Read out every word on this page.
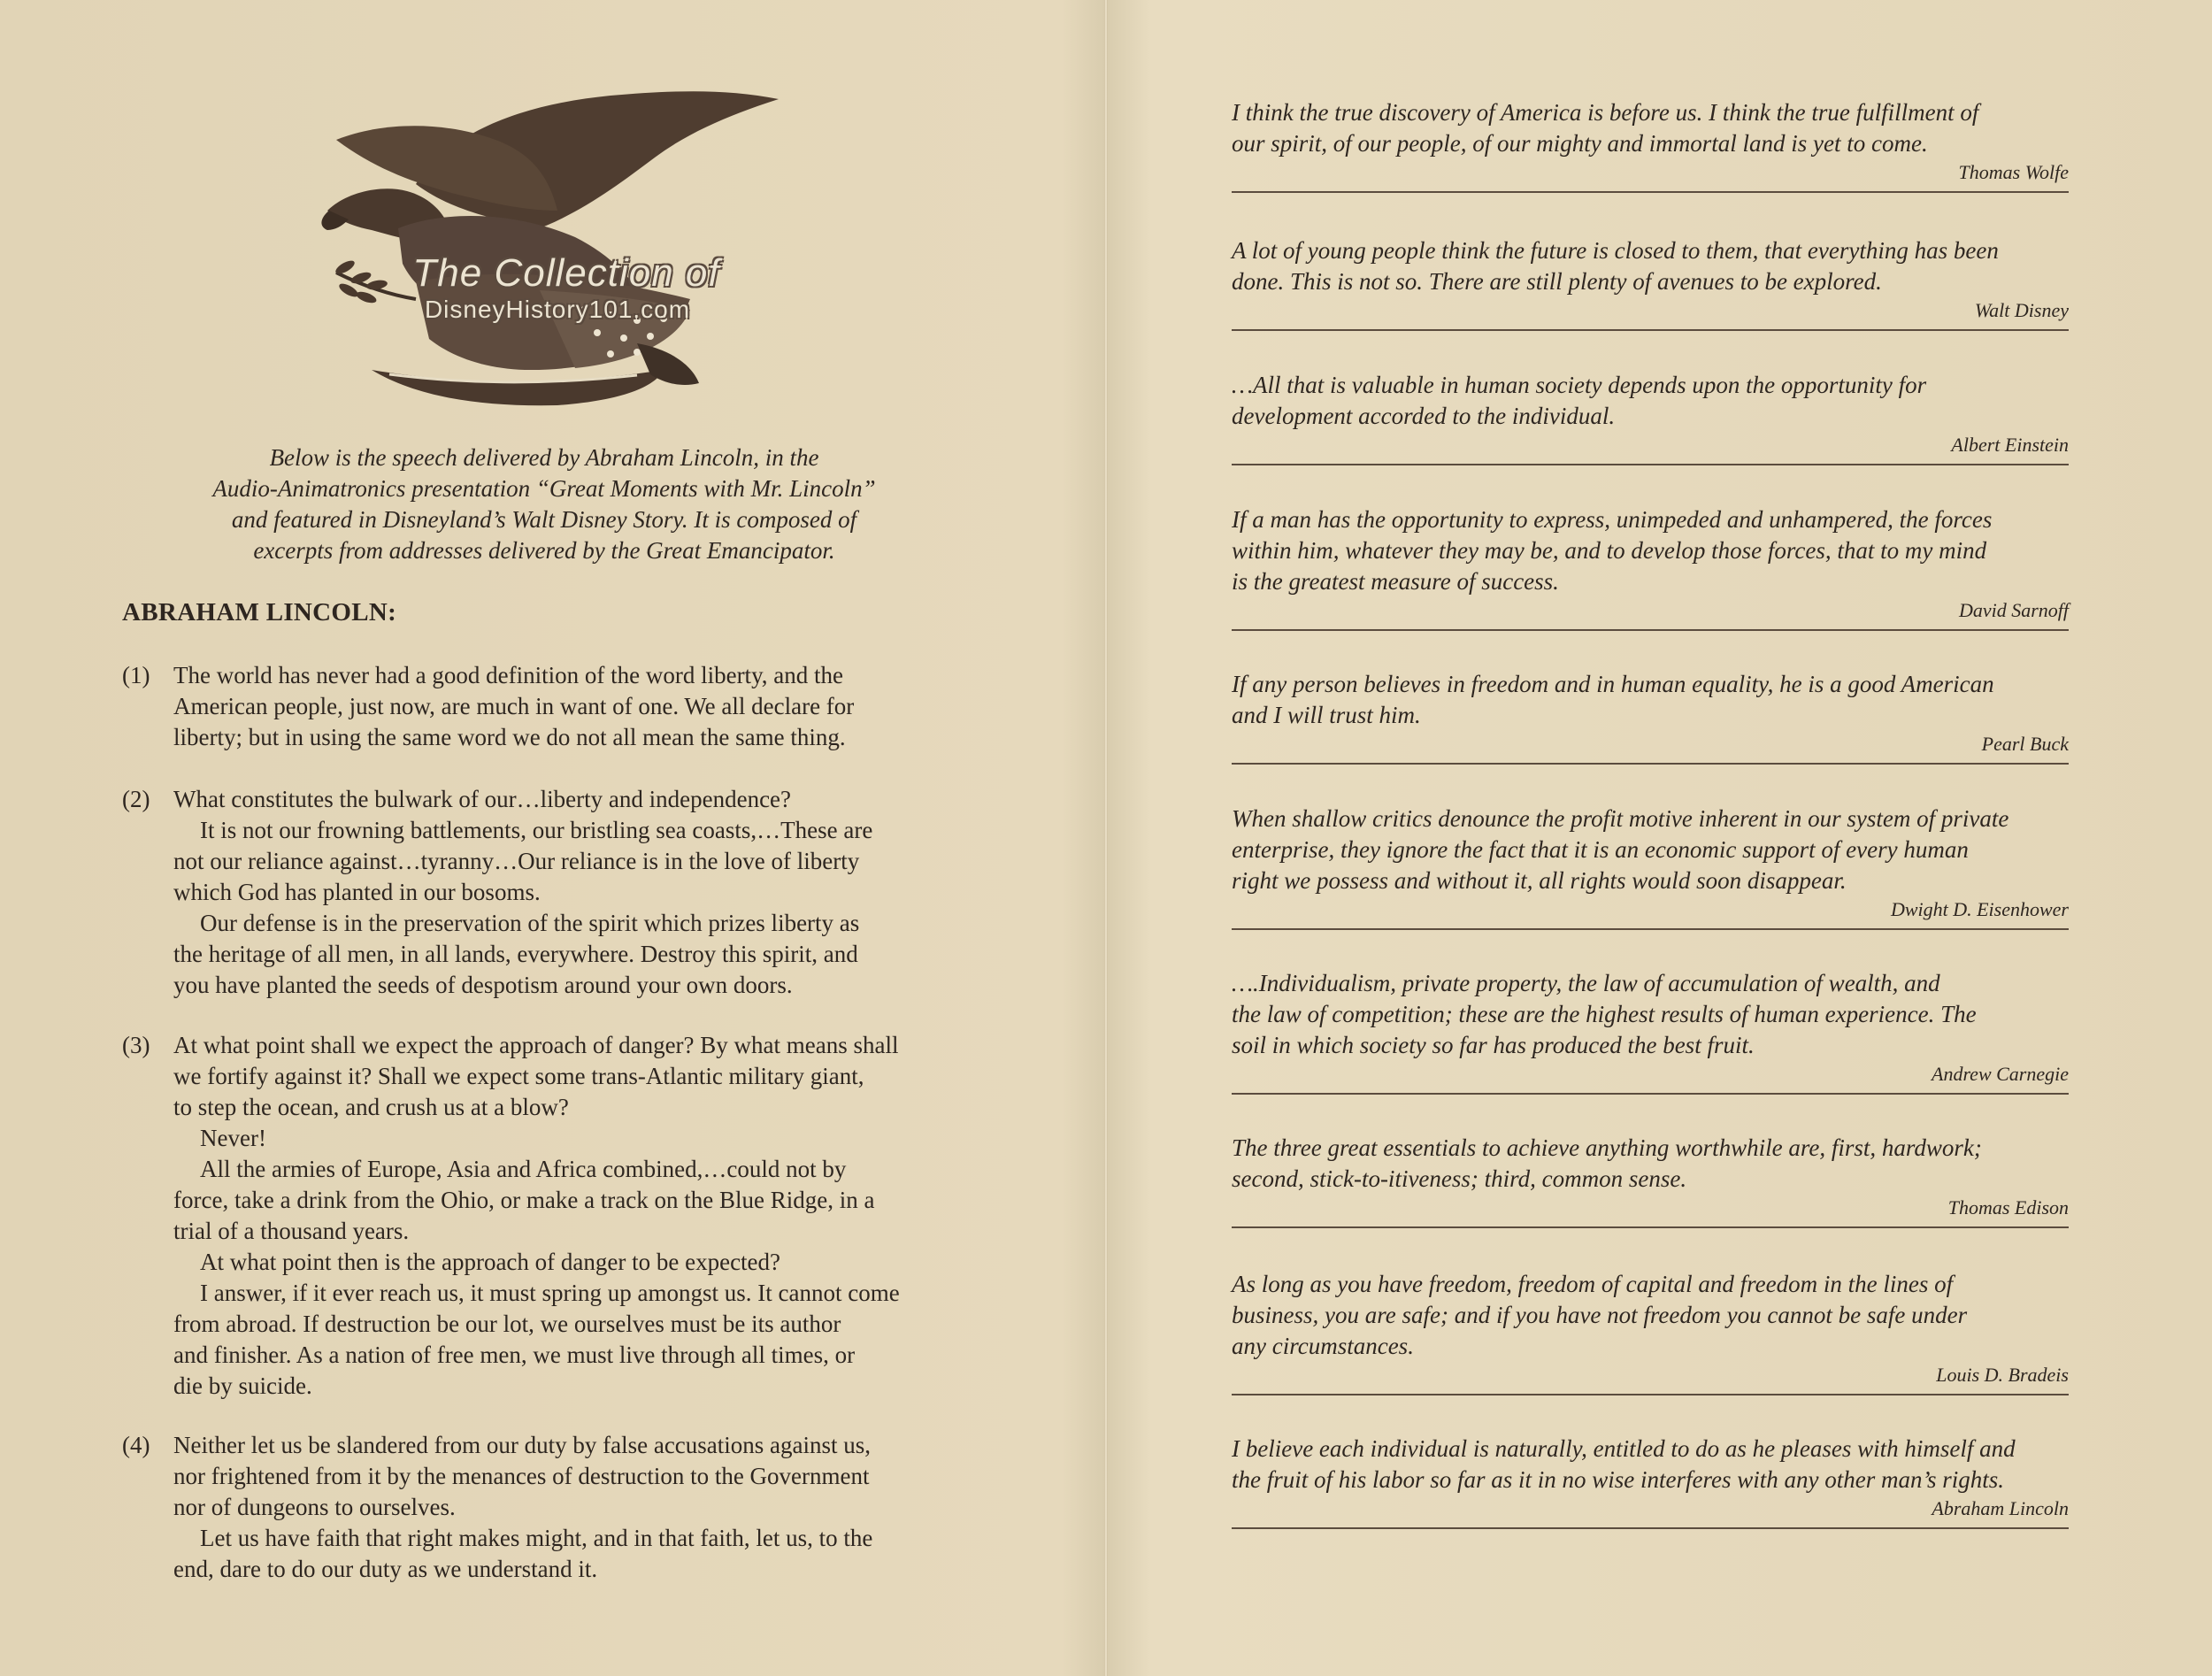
The Collection of
DisneyHistory101.com
Below is the speech delivered by Abraham Lincoln, in the
Audio-Animatronics presentation “Great Moments with Mr. Lincoln”
and featured in Disneyland’s Walt Disney Story. It is composed of
excerpts from addresses delivered by the Great Emancipator.
ABRAHAM LINCOLN:
(1) The world has never had a good definition of the word liberty, and the
American people, just now, are much in want of one. We all declare for
liberty; but in using the same word we do not all mean the same thing.
(2) What constitutes the bulwark of our…liberty and independence?
It is not our frowning battlements, our bristling sea coasts,…These are
not our reliance against…tyranny…Our reliance is in the love of liberty
which God has planted in our bosoms.
Our defense is in the preservation of the spirit which prizes liberty as
the heritage of all men, in all lands, everywhere. Destroy this spirit, and
you have planted the seeds of despotism around your own doors.
(3) At what point shall we expect the approach of danger? By what means shall
we fortify against it? Shall we expect some trans-Atlantic military giant,
to step the ocean, and crush us at a blow?
Never!
All the armies of Europe, Asia and Africa combined,…could not by
force, take a drink from the Ohio, or make a track on the Blue Ridge, in a
trial of a thousand years.
At what point then is the approach of danger to be expected?
I answer, if it ever reach us, it must spring up amongst us. It cannot come
from abroad. If destruction be our lot, we ourselves must be its author
and finisher. As a nation of free men, we must live through all times, or
die by suicide.
(4) Neither let us be slandered from our duty by false accusations against us,
nor frightened from it by the menances of destruction to the Government
nor of dungeons to ourselves.
Let us have faith that right makes might, and in that faith, let us, to the
end, dare to do our duty as we understand it.
I think the true discovery of America is before us. I think the true fulfillment of
our spirit, of our people, of our mighty and immortal land is yet to come.
Thomas Wolfe
A lot of young people think the future is closed to them, that everything has been
done. This is not so. There are still plenty of avenues to be explored.
Walt Disney
…All that is valuable in human society depends upon the opportunity for
development accorded to the individual.
Albert Einstein
If a man has the opportunity to express, unimpeded and unhampered, the forces
within him, whatever they may be, and to develop those forces, that to my mind
is the greatest measure of success.
David Sarnoff
If any person believes in freedom and in human equality, he is a good American
and I will trust him.
Pearl Buck
When shallow critics denounce the profit motive inherent in our system of private
enterprise, they ignore the fact that it is an economic support of every human
right we possess and without it, all rights would soon disappear.
Dwight D. Eisenhower
….Individualism, private property, the law of accumulation of wealth, and
the law of competition; these are the highest results of human experience. The
soil in which society so far has produced the best fruit.
Andrew Carnegie
The three great essentials to achieve anything worthwhile are, first, hardwork;
second, stick-to-itiveness; third, common sense.
Thomas Edison
As long as you have freedom, freedom of capital and freedom in the lines of
business, you are safe; and if you have not freedom you cannot be safe under
any circumstances.
Louis D. Bradeis
I believe each individual is naturally, entitled to do as he pleases with himself and
the fruit of his labor so far as it in no wise interferes with any other man’s rights.
Abraham Lincoln
